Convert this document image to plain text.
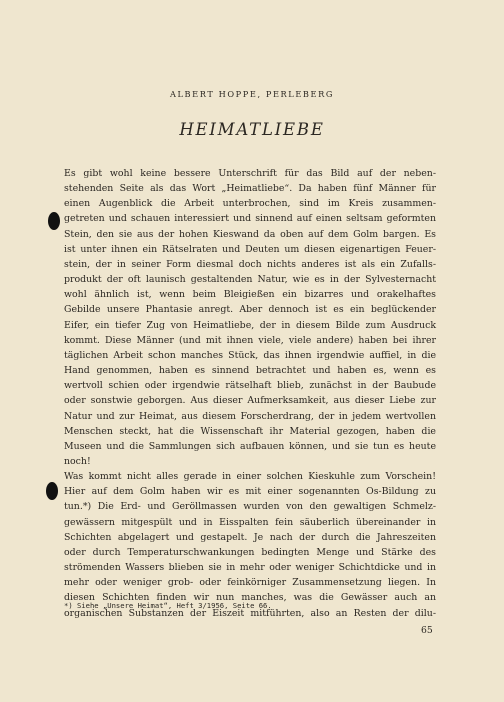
ALBERT HOPPE, PERLEBERG
HEIMATLIEBE
Es gibt wohl keine bessere Unterschrift für das Bild auf der neben-
stehenden Seite als das Wort „Heimatliebe“. Da haben fünf Männer für
einen Augenblick die Arbeit unterbrochen, sind im Kreis zusammen-
getreten und schauen interessiert und sinnend auf einen seltsam geformten
Stein, den sie aus der hohen Kieswand da oben auf dem Golm bargen. Es
ist unter ihnen ein Rätselraten und Deuten um diesen eigenartigen Feuer-
stein, der in seiner Form diesmal doch nichts anderes ist als ein Zufalls-
produkt der oft launisch gestaltenden Natur, wie es in der Sylvesternacht
wohl ähnlich ist, wenn beim Bleigießen ein bizarres und orakelhaftes
Gebilde unsere Phantasie anregt. Aber dennoch ist es ein beglückender
Eifer, ein tiefer Zug von Heimatliebe, der in diesem Bilde zum Ausdruck
kommt. Diese Männer (und mit ihnen viele, viele andere) haben bei ihrer
täglichen Arbeit schon manches Stück, das ihnen irgendwie auffiel, in die
Hand genommen, haben es sinnend betrachtet und haben es, wenn es
wertvoll schien oder irgendwie rätselhaft blieb, zunächst in der Baubude
oder sonstwie geborgen. Aus dieser Aufmerksamkeit, aus dieser Liebe zur
Natur und zur Heimat, aus diesem Forscherdrang, der in jedem wertvollen
Menschen steckt, hat die Wissenschaft ihr Material gezogen, haben die
Museen und die Sammlungen sich aufbauen können, und sie tun es heute
noch!
Was kommt nicht alles gerade in einer solchen Kieskuhle zum Vorschein!
Hier auf dem Golm haben wir es mit einer sogenannten Os-Bildung zu
tun.*) Die Erd- und Geröllmassen wurden von den gewaltigen Schmelz-
gewässern mitgespült und in Eisspalten fein säuberlich übereinander in
Schichten abgelagert und gestapelt. Je nach der durch die Jahreszeiten
oder durch Temperaturschwankungen bedingten Menge und Stärke des
strömenden Wassers blieben sie in mehr oder weniger Schichtdicke und in
mehr oder weniger grob- oder feinkörniger Zusammensetzung liegen. In
diesen Schichten finden wir nun manches, was die Gewässer auch an
organischen Substanzen der Eiszeit mitführten, also an Resten der dilu-
*) Siehe „Unsere Heimat“, Heft 3/1956, Seite 66.
65
